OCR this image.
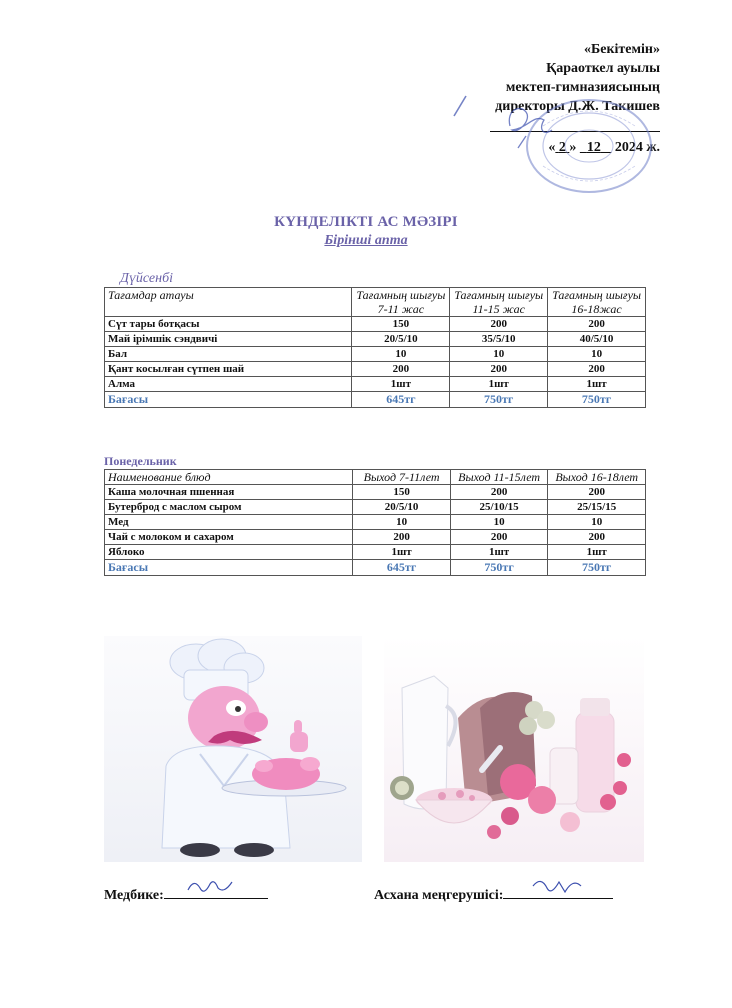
«Бекітемін»
Қараоткел ауылы
мектеп-гимназиясының
директоры Д.Ж. Такишев
« 2 » 12 2024 ж.
КҮНДЕЛІКТІ АС МӘЗІРІ
Бірінші апта
Дүйсенбі
Тағамдар атауы	Тағамның шығуы 7-11 жас	Тағамның шығуы 11-15 жас	Тағамның шығуы 16-18жас
Сүт тары ботқасы	150	200	200
Май ірімшік сэндвичі	20/5/10	35/5/10	40/5/10
Бал	10	10	10
Қант косылған сүтпен шай	200	200	200
Алма	1шт	1шт	1шт
Бағасы	645тг	750тг	750тг
Понедельник
Наименование блюд	Выход 7-11лет	Выход 11-15лет	Выход 16-18лет
Каша молочная пшенная	150	200	200
Бутерброд с маслом сыром	20/5/10	25/10/15	25/15/15
Мед	10	10	10
Чай с молоком и сахаром	200	200	200
Яблоко	1шт	1шт	1шт
Бағасы	645тг	750тг	750тг
Медбике:	Асхана меңгерушісі:
